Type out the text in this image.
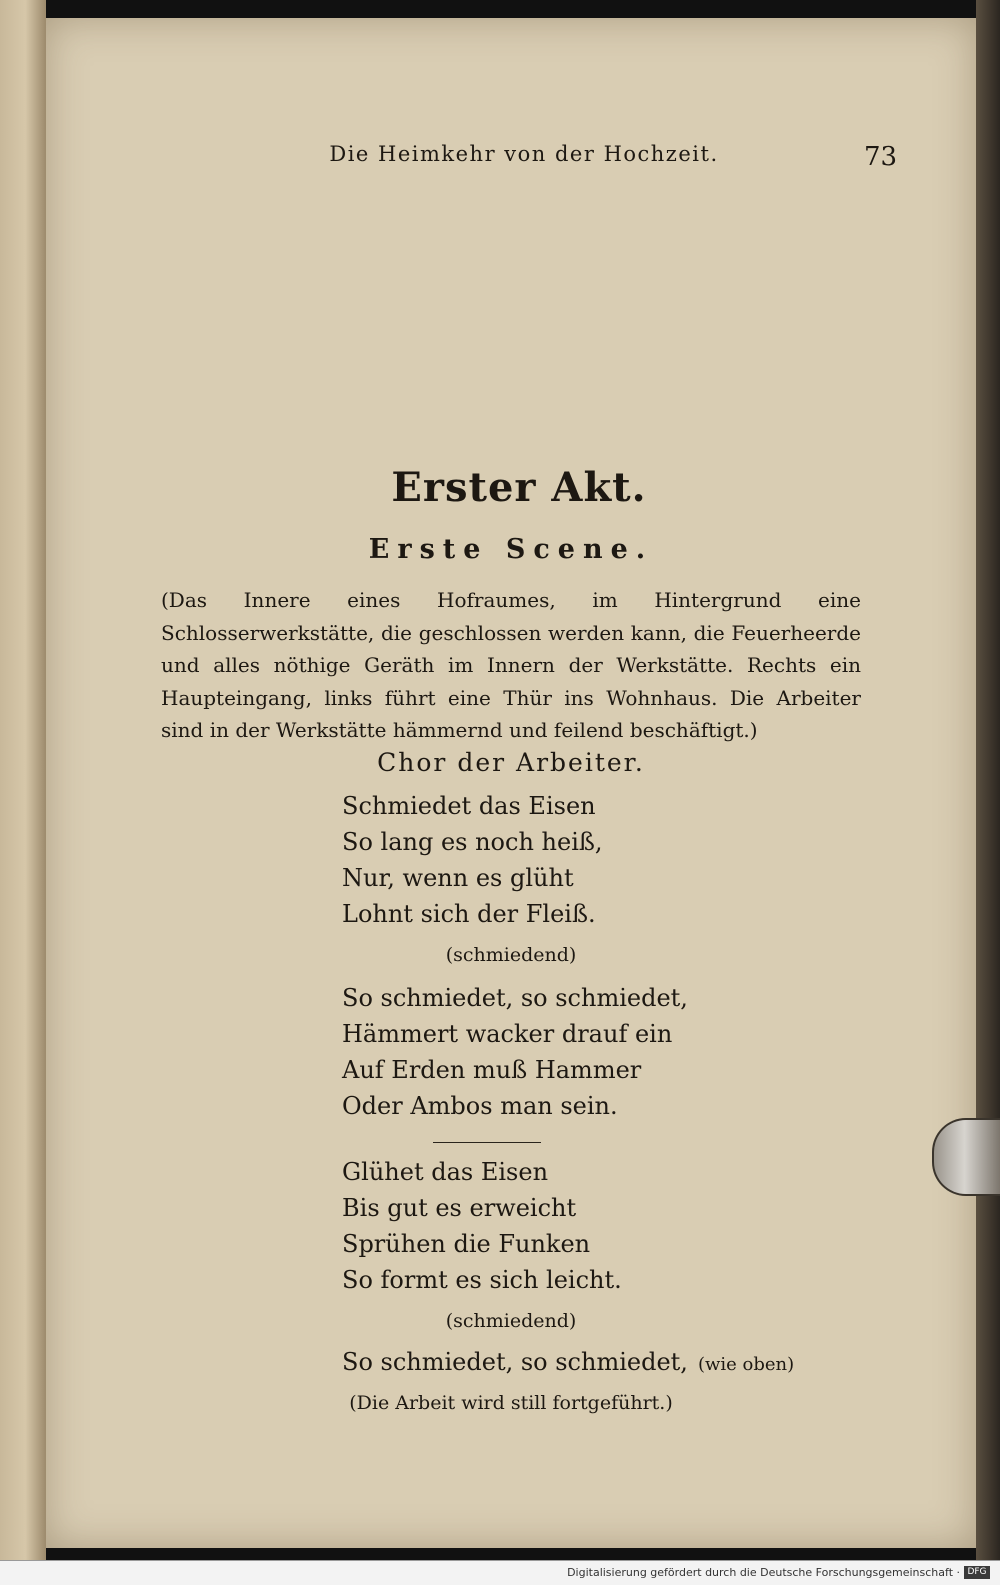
Die Heimkehr von der Hochzeit.	73
Erster Akt.
Erste Scene.

(Das Innere eines Hofraumes, im Hintergrund eine Schlosserwerkstätte, die geschlossen werden kann, die Feuerheerde und alles nöthige Geräth im Innern der Werkstätte. Rechts ein Haupteingang, links führt eine Thür ins Wohnhaus. Die Arbeiter sind in der Werkstätte hämmernd und feilend beschäftigt.)

Chor der Arbeiter.
Schmiedet das Eisen
So lang es noch heiß,
Nur, wenn es glüht
Lohnt sich der Fleiß.
(schmiedend)
So schmiedet, so schmiedet,
Hämmert wacker drauf ein
Auf Erden muß Hammer
Oder Ambos man sein.
Glühet das Eisen
Bis gut es erweicht
Sprühen die Funken
So formt es sich leicht.
(schmiedend)
So schmiedet, so schmiedet, (wie oben)
(Die Arbeit wird still fortgeführt.)
Digitalisierung gefördert durch die Deutsche Forschungsgemeinschaft · DFG
